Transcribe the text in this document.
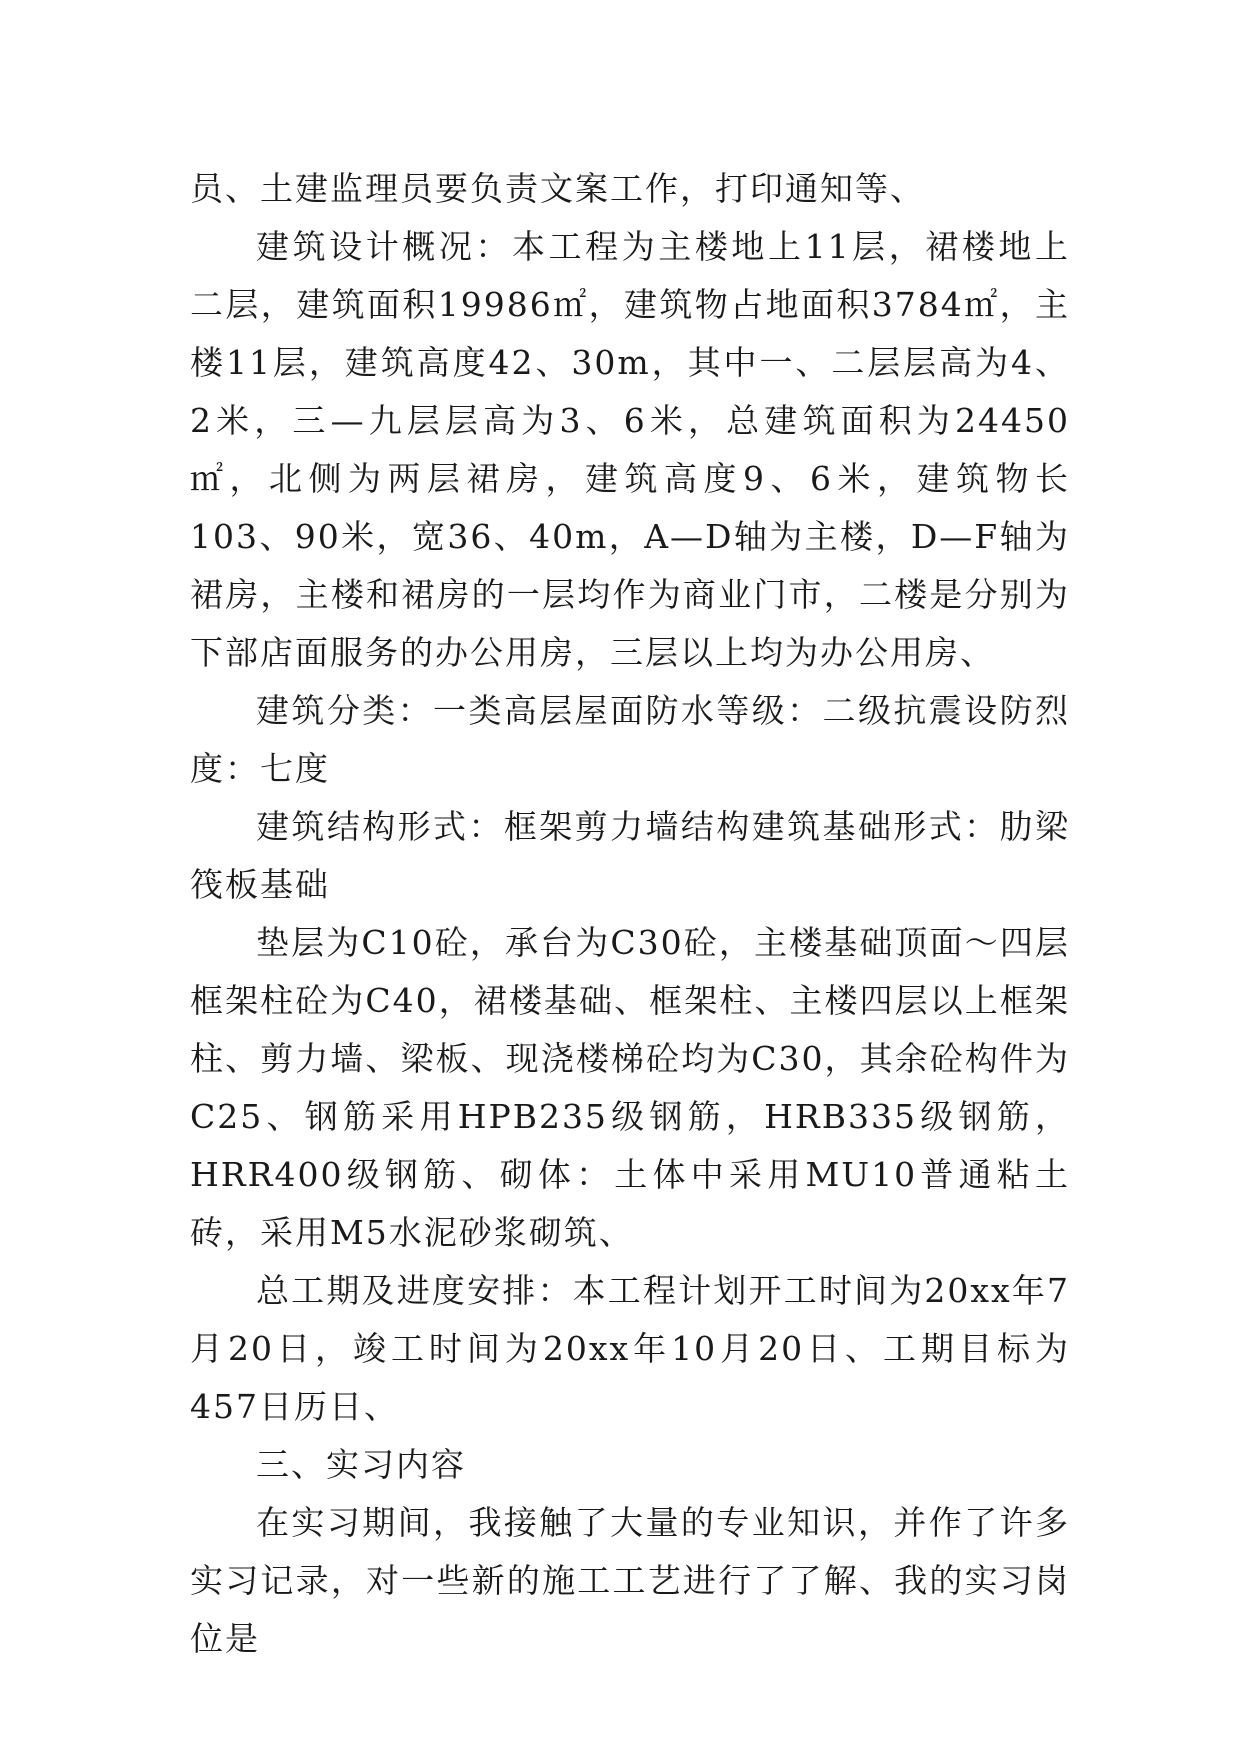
员、土建监理员要负责文案工作，打印通知等、

建筑设计概况：本工程为主楼地上11层，裙楼地上二层，建筑面积19986㎡，建筑物占地面积3784㎡，主楼11层，建筑高度42、30m，其中一、二层层高为4、2米，三—九层层高为3、6米，总建筑面积为24450㎡，北侧为两层裙房，建筑高度9、6米，建筑物长103、90米，宽36、40m，A—D轴为主楼，D—F轴为裙房，主楼和裙房的一层均作为商业门市，二楼是分别为下部店面服务的办公用房，三层以上均为办公用房、

建筑分类：一类高层屋面防水等级：二级抗震设防烈度：七度

建筑结构形式：框架剪力墙结构建筑基础形式：肋梁筏板基础

垫层为C10砼，承台为C30砼，主楼基础顶面～四层框架柱砼为C40，裙楼基础、框架柱、主楼四层以上框架柱、剪力墙、梁板、现浇楼梯砼均为C30，其余砼构件为C25、钢筋采用HPB235级钢筋，HRB335级钢筋，HRR400级钢筋、砌体：土体中采用MU10普通粘土砖，采用M5水泥砂浆砌筑、

总工期及进度安排：本工程计划开工时间为20xx年7月20日，竣工时间为20xx年10月20日、工期目标为457日历日、

三、实习内容

在实习期间，我接触了大量的专业知识，并作了许多实习记录，对一些新的施工工艺进行了了解、我的实习岗位是
